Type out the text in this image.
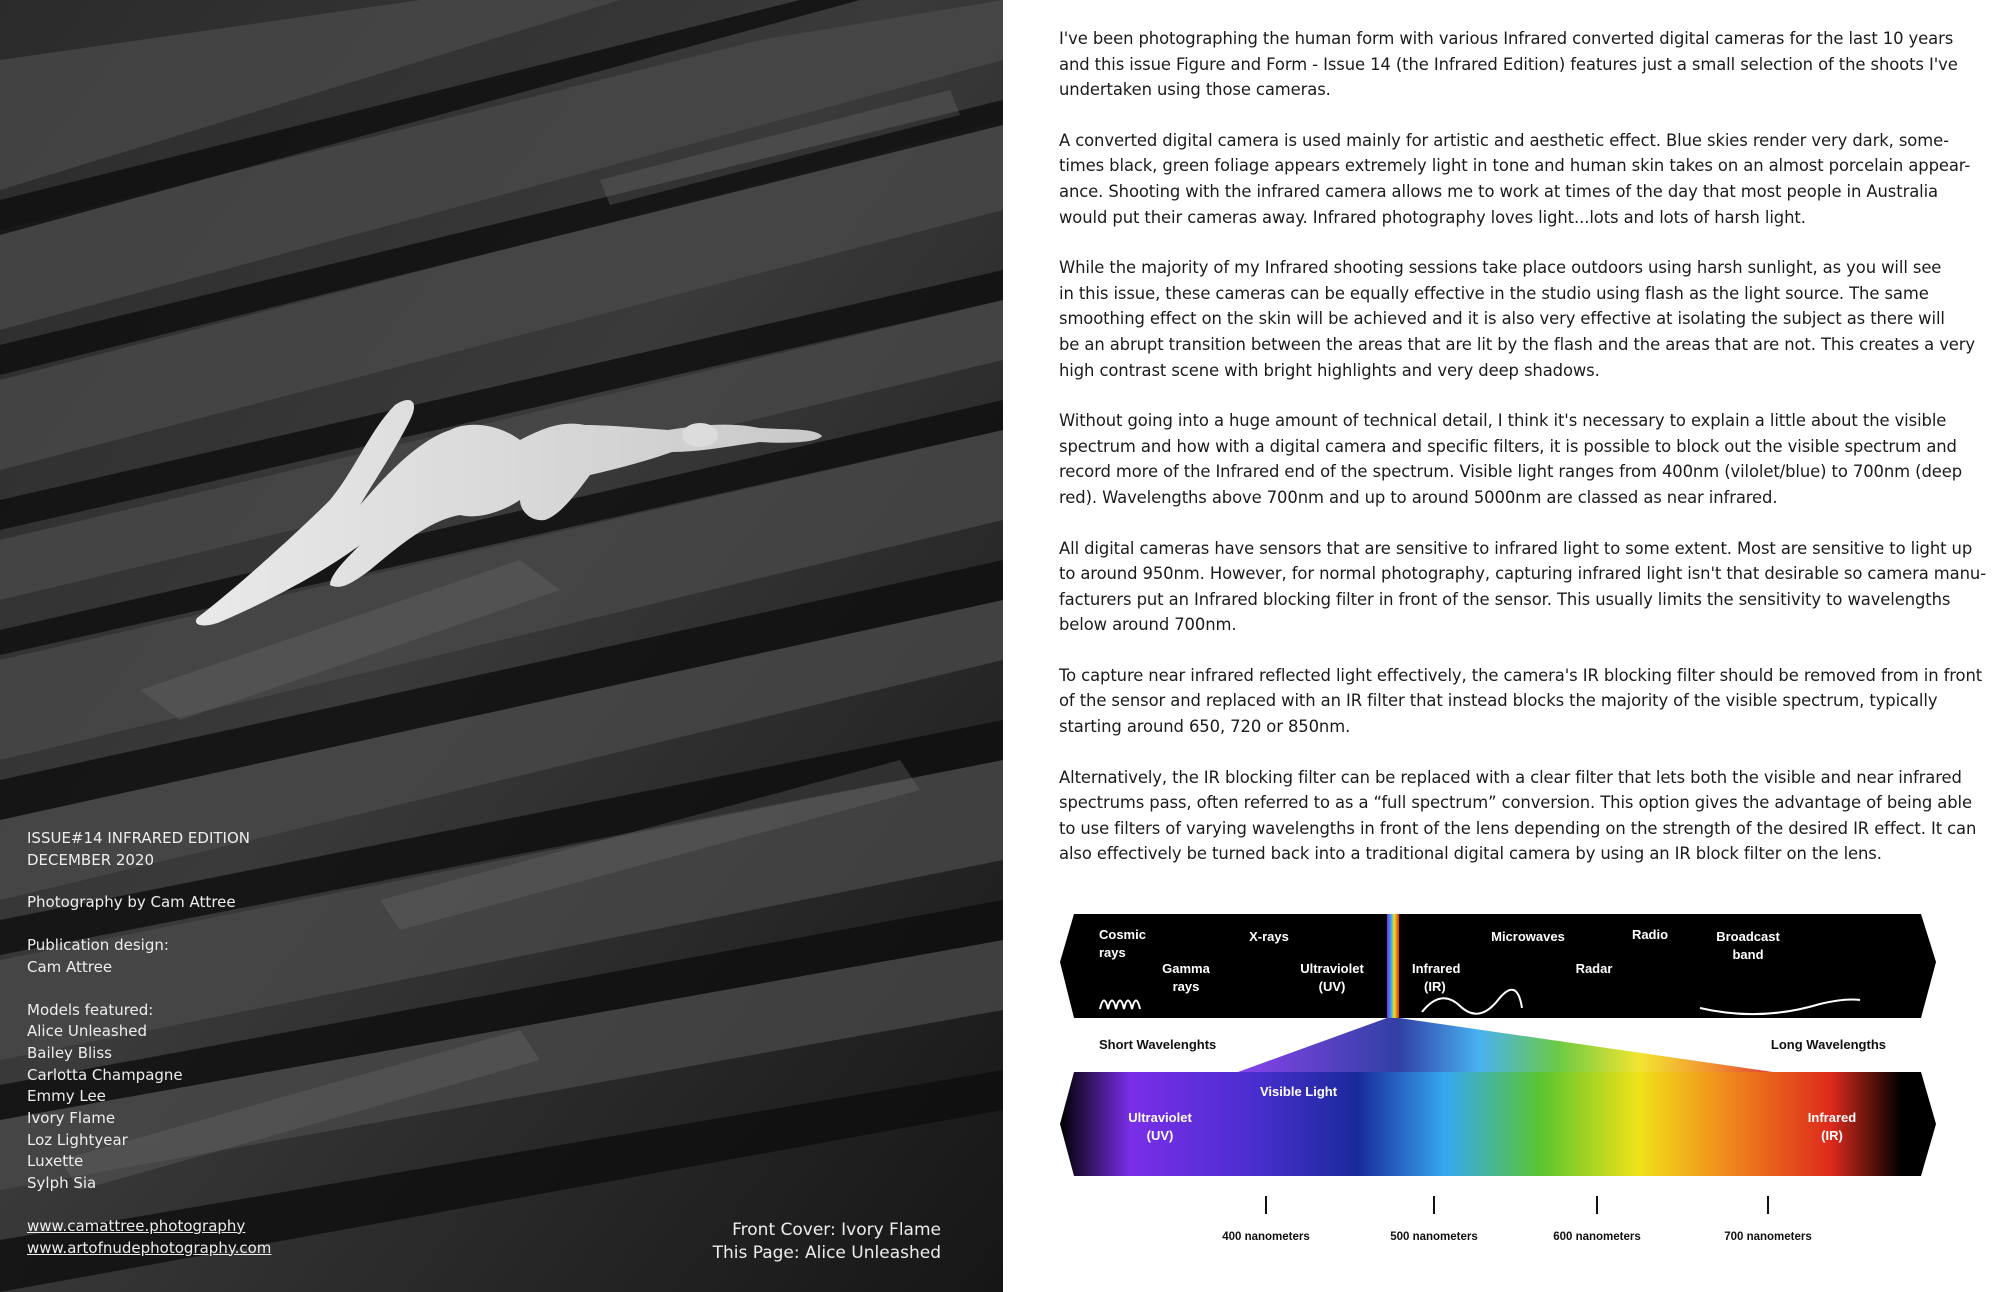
ISSUE#14 INFRARED EDITION
DECEMBER 2020
Photography by Cam Attree
Publication design:
Cam Attree
Models featured:
Alice Unleashed
Bailey Bliss
Carlotta Champagne
Emmy Lee
Ivory Flame
Loz Lightyear
Luxette
Sylph Sia
www.camattree.photography
www.artofnudephotography.com
Front Cover: Ivory Flame
This Page: Alice Unleashed

I've been photographing the human form with various Infrared converted digital cameras for the last 10 years
and this issue Figure and Form - Issue 14 (the Infrared Edition) features just a small selection of the shoots I've
undertaken using those cameras.

A converted digital camera is used mainly for artistic and aesthetic effect. Blue skies render very dark, some-
times black, green foliage appears extremely light in tone and human skin takes on an almost porcelain appear-
ance. Shooting with the infrared camera allows me to work at times of the day that most people in Australia
would put their cameras away. Infrared photography loves light...lots and lots of harsh light.

While the majority of my Infrared shooting sessions take place outdoors using harsh sunlight, as you will see
in this issue, these cameras can be equally effective in the studio using flash as the light source. The same
smoothing effect on the skin will be achieved and it is also very effective at isolating the subject as there will
be an abrupt transition between the areas that are lit by the flash and the areas that are not. This creates a very
high contrast scene with bright highlights and very deep shadows.

Without going into a huge amount of technical detail, I think it's necessary to explain a little about the visible
spectrum and how with a digital camera and specific filters, it is possible to block out the visible spectrum and
record more of the Infrared end of the spectrum. Visible light ranges from 400nm (vilolet/blue) to 700nm (deep
red). Wavelengths above 700nm and up to around 5000nm are classed as near infrared.

All digital cameras have sensors that are sensitive to infrared light to some extent. Most are sensitive to light up
to around 950nm. However, for normal photography, capturing infrared light isn't that desirable so camera manu-
facturers put an Infrared blocking filter in front of the sensor. This usually limits the sensitivity to wavelengths
below around 700nm.

To capture near infrared reflected light effectively, the camera's IR blocking filter should be removed from in front
of the sensor and replaced with an IR filter that instead blocks the majority of the visible spectrum, typically
starting around 650, 720 or 850nm.

Alternatively, the IR blocking filter can be replaced with a clear filter that lets both the visible and near infrared
spectrums pass, often referred to as a “full spectrum” conversion. This option gives the advantage of being able
to use filters of varying wavelengths in front of the lens depending on the strength of the desired IR effect. It can
also effectively be turned back into a traditional digital camera by using an IR block filter on the lens.

Cosmic rays
Gamma rays
X-rays
Ultraviolet (UV)
Infrared (IR)
Microwaves
Radar
Radio	Broadcast band
Short Wavelenghts	Long Wavelengths
Visible Light
Ultraviolet (UV)
Infrared (IR)
400 nanometers	500 nanometers	600 nanometers	700 nanometers
